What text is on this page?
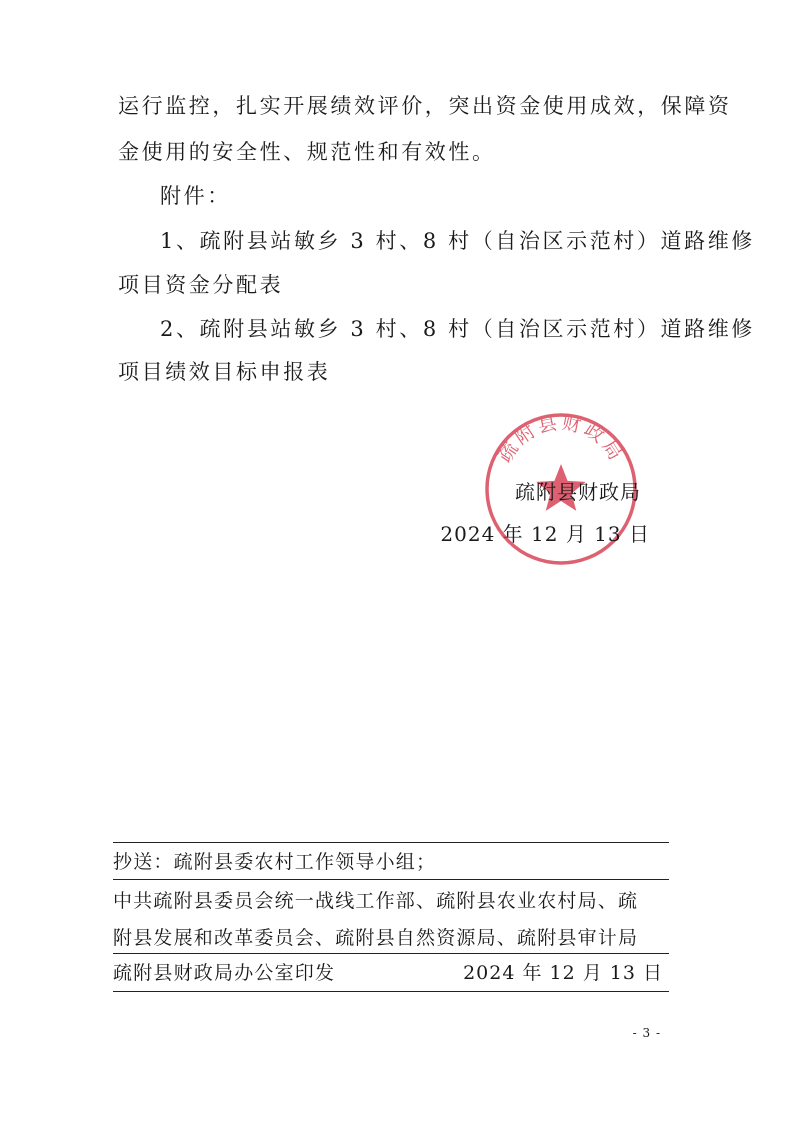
运行监控，扎实开展绩效评价，突出资金使用成效，保障资
金使用的安全性、规范性和有效性。
附件：
1、疏附县站敏乡 3 村、8 村（自治区示范村）道路维修
项目资金分配表
2、疏附县站敏乡 3 村、8 村（自治区示范村）道路维修
项目绩效目标申报表
疏附县财政局
疏附县财政局
2024 年 12 月 13 日
抄送：疏附县委农村工作领导小组；
中共疏附县委员会统一战线工作部、疏附县农业农村局、疏
附县发展和改革委员会、疏附县自然资源局、疏附县审计局
疏附县财政局办公室印发	2024 年 12 月 13 日
- 3 -
